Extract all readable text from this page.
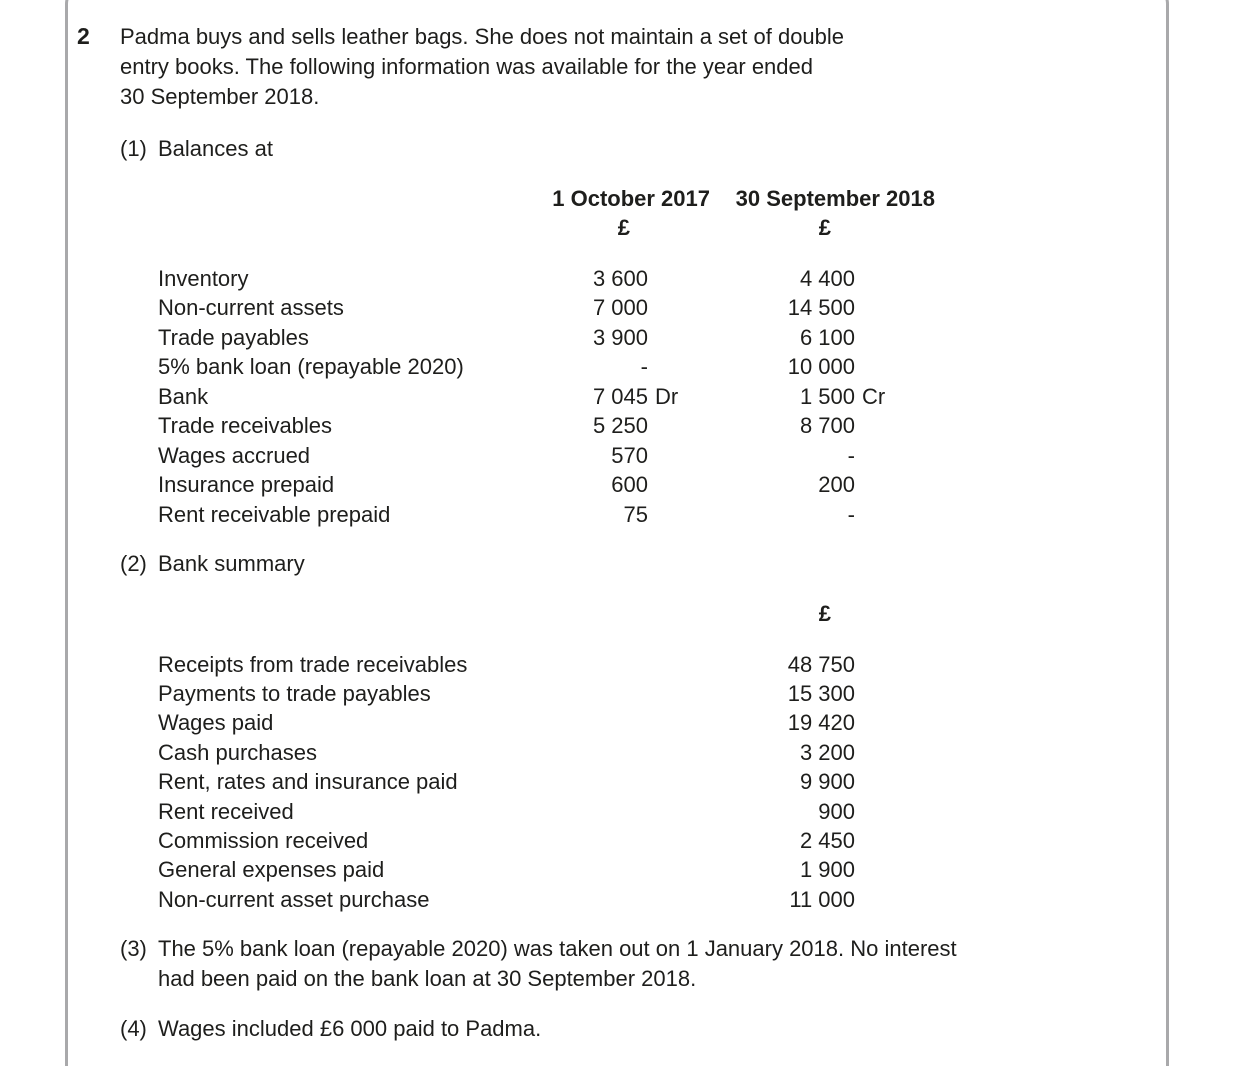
2 Padma buys and sells leather bags. She does not maintain a set of double
entry books. The following information was available for the year ended
30 September 2018.
(1) Balances at
1 October 2017	30 September 2018
£	£
Inventory	3 600	4 400
Non-current assets	7 000	14 500
Trade payables	3 900	6 100
5% bank loan (repayable 2020)	-	10 000
Bank	7 045 Dr	1 500 Cr
Trade receivables	5 250	8 700
Wages accrued	570	-
Insurance prepaid	600	200
Rent receivable prepaid	75	-
(2) Bank summary
£
Receipts from trade receivables	48 750
Payments to trade payables	15 300
Wages paid	19 420
Cash purchases	3 200
Rent, rates and insurance paid	9 900
Rent received	900
Commission received	2 450
General expenses paid	1 900
Non-current asset purchase	11 000
(3) The 5% bank loan (repayable 2020) was taken out on 1 January 2018. No interest
had been paid on the bank loan at 30 September 2018.
(4) Wages included £6 000 paid to Padma.
